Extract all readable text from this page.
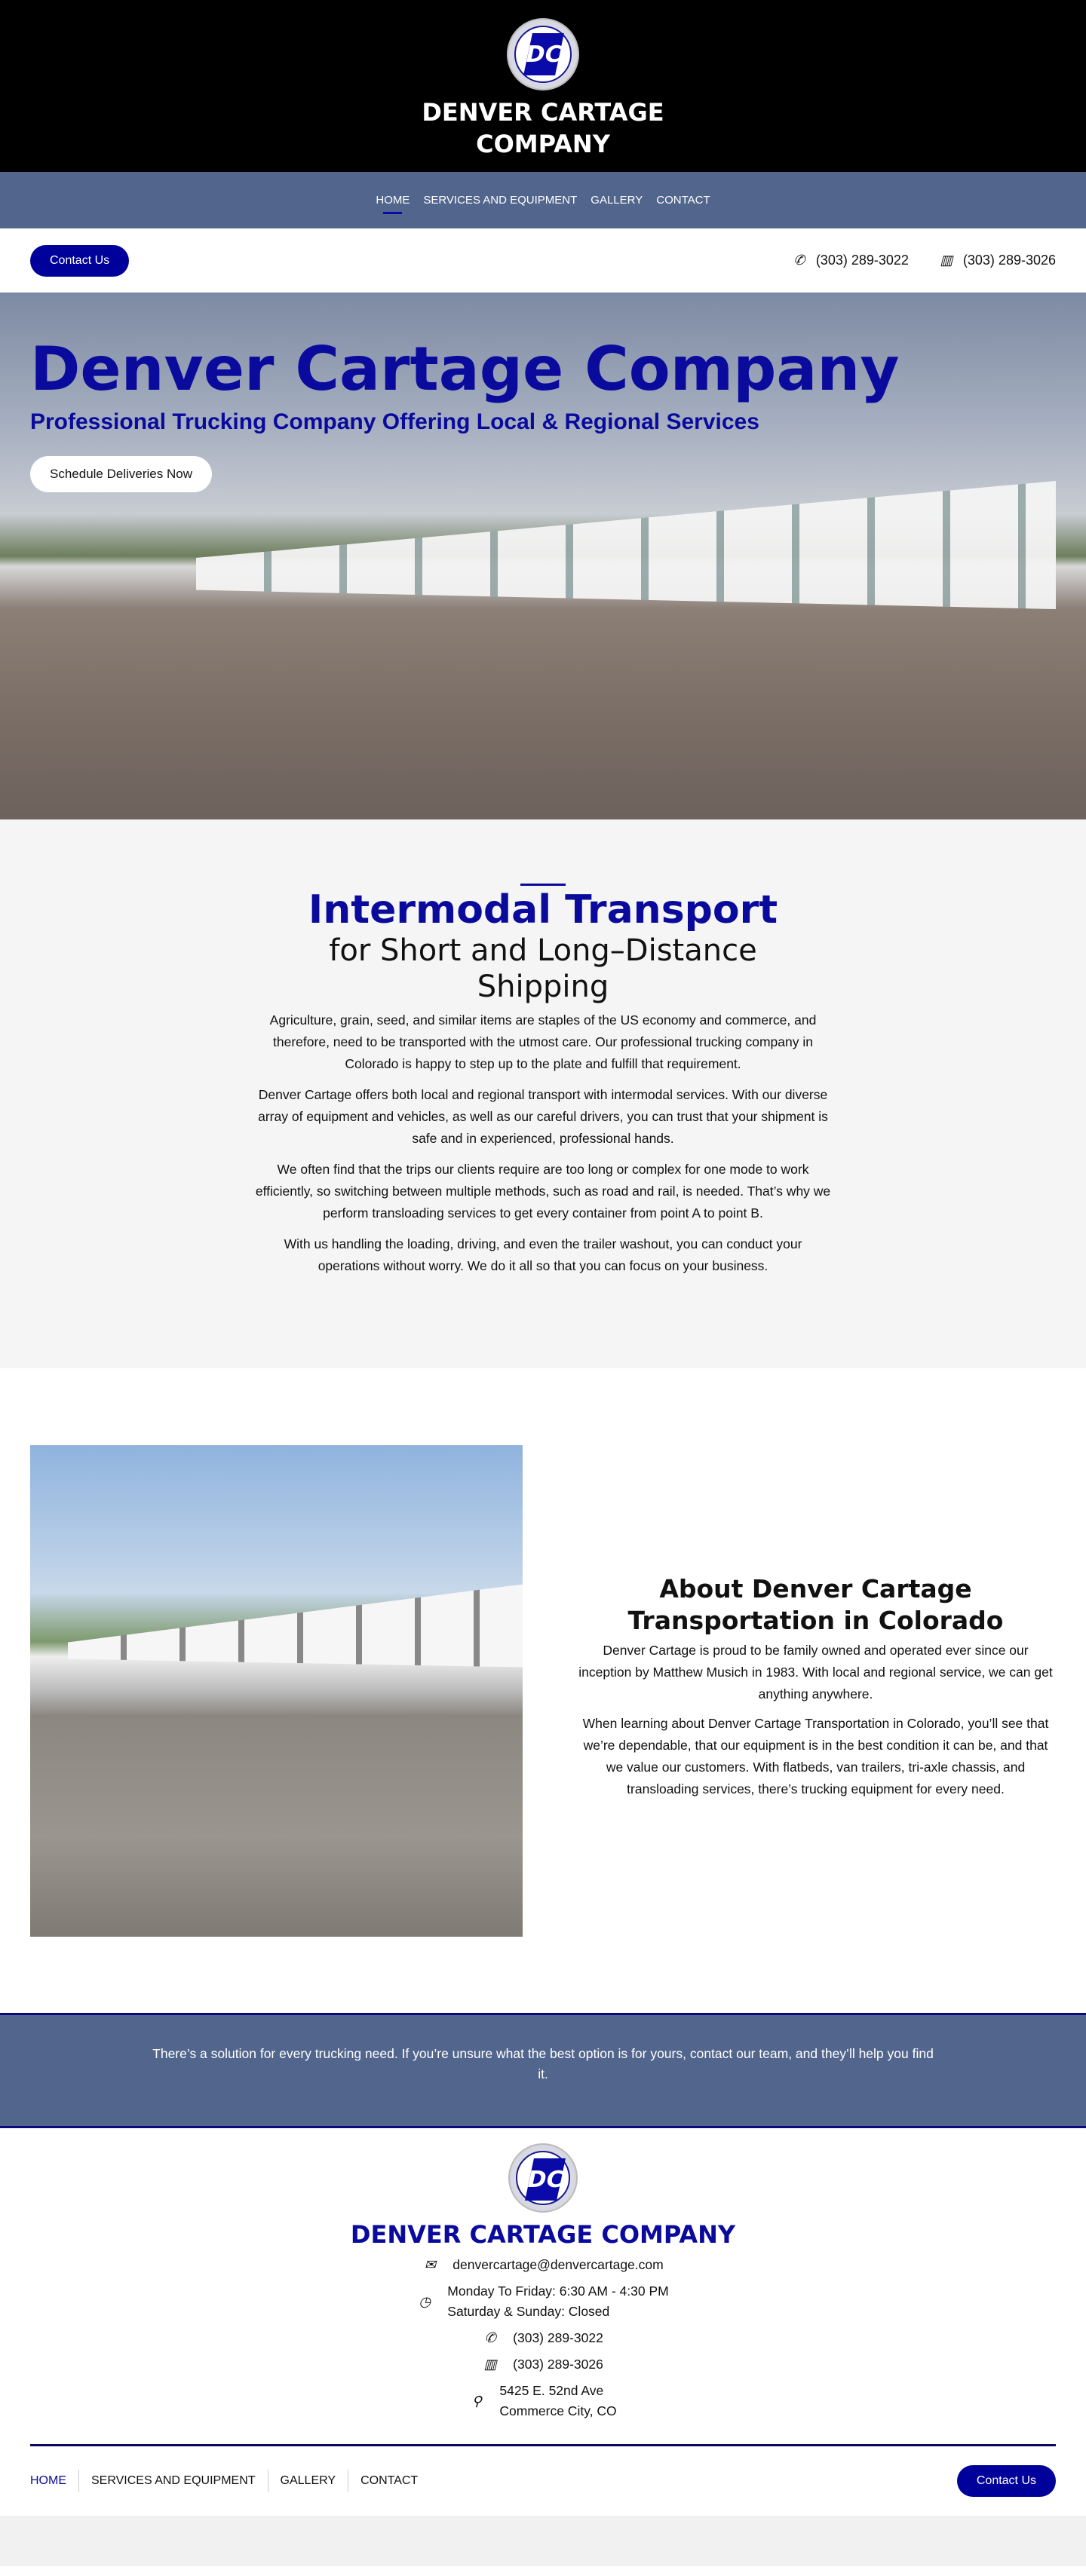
DC
DENVER CARTAGE
COMPANY
HOME SERVICES AND EQUIPMENT GALLERY CONTACT
Contact Us	✆ (303) 289-3022 ▥ (303) 289-3026
Denver Cartage Company
Professional Trucking Company Offering Local & Regional Services
Schedule Deliveries Now
Intermodal Transport
for Short and Long–Distance Shipping

Agriculture, grain, seed, and similar items are staples of the US economy and commerce, and therefore, need to be transported with the utmost care. Our professional trucking company in Colorado is happy to step up to the plate and fulfill that requirement.

Denver Cartage offers both local and regional transport with intermodal services. With our diverse array of equipment and vehicles, as well as our careful drivers, you can trust that your shipment is safe and in experienced, professional hands.

We often find that the trips our clients require are too long or complex for one mode to work efficiently, so switching between multiple methods, such as road and rail, is needed. That’s why we perform transloading services to get every container from point A to point B.

With us handling the loading, driving, and even the trailer washout, you can conduct your operations without worry. We do it all so that you can focus on your business.

About Denver Cartage Transportation in Colorado

Denver Cartage is proud to be family owned and operated ever since our inception by Matthew Musich in 1983. With local and regional service, we can get anything anywhere.

When learning about Denver Cartage Transportation in Colorado, you’ll see that we’re dependable, that our equipment is in the best condition it can be, and that we value our customers. With flatbeds, van trailers, tri-axle chassis, and transloading services, there’s trucking equipment for every need.

There’s a solution for every trucking need. If you’re unsure what the best option is for yours, contact our team, and they’ll help you find it.

DC
DENVER CARTAGE COMPANY
✉ denvercartage@denvercartage.com
◷
Monday To Friday: 6:30 AM - 4:30 PM
Saturday & Sunday: Closed
✆ (303) 289-3022
▥ (303) 289-3026
⚲
5425 E. 52nd Ave
Commerce City, CO
HOME	SERVICES AND EQUIPMENT	GALLERY	CONTACT	Contact Us
